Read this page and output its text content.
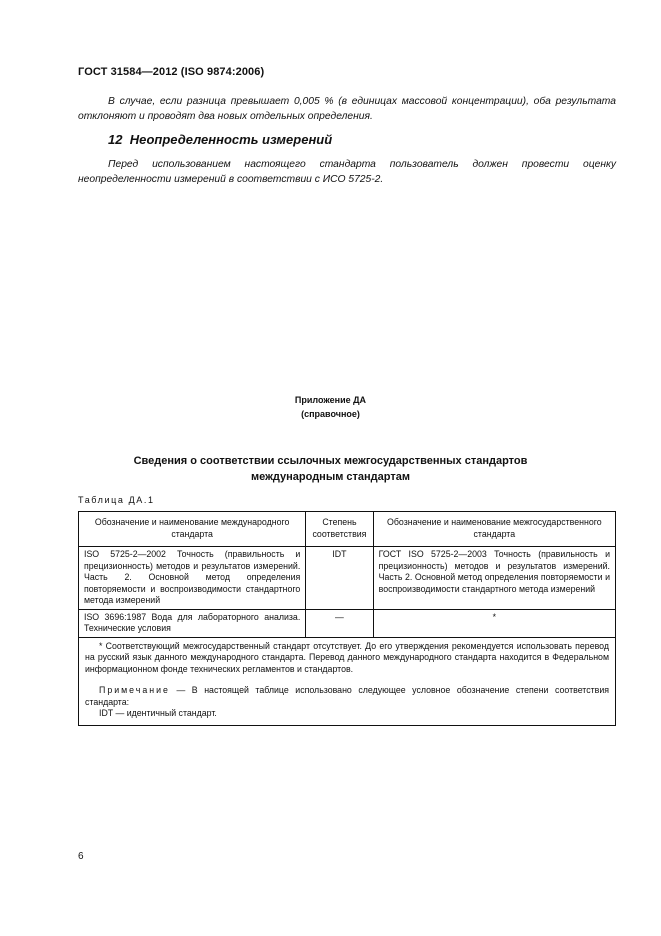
ГОСТ 31584—2012 (ISO 9874:2006)
В случае, если разница превышает 0,005 % (в единицах массовой концентрации), оба результата отклоняют и проводят два новых отдельных определения.
12 Неопределенность измерений
Перед использованием настоящего стандарта пользователь должен провести оценку неопределенности измерений в соответствии с ИСО 5725-2.
Приложение ДА
(справочное)
Сведения о соответствии ссылочных межгосударственных стандартов
международным стандартам
Таблица ДА.1
Обозначение и наименование международного стандарта	Степень соответствия	Обозначение и наименование межгосударственного стандарта
ISO 5725-2—2002 Точность (правильность и прецизионность) методов и результатов измерений. Часть 2. Основной метод определения повторяемости и воспроизводимости стандартного метода измерений	IDT	ГОСТ ISO 5725-2—2003 Точность (правильность и прецизионность) методов и результатов измерений. Часть 2. Основной метод определения повторяемости и воспроизводимости стандартного метода измерений
ISO 3696:1987 Вода для лабораторного анализа. Технические условия	—	*

* Соответствующий межгосударственный стандарт отсутствует. До его утверждения рекомендуется использовать перевод на русский язык данного международного стандарта. Перевод данного международного стандарта находится в Федеральном информационном фонде технических регламентов и стандартов.

Примечание — В настоящей таблице использовано следующее условное обозначение степени соответствия стандарта:

IDT — идентичный стандарт.		

6
